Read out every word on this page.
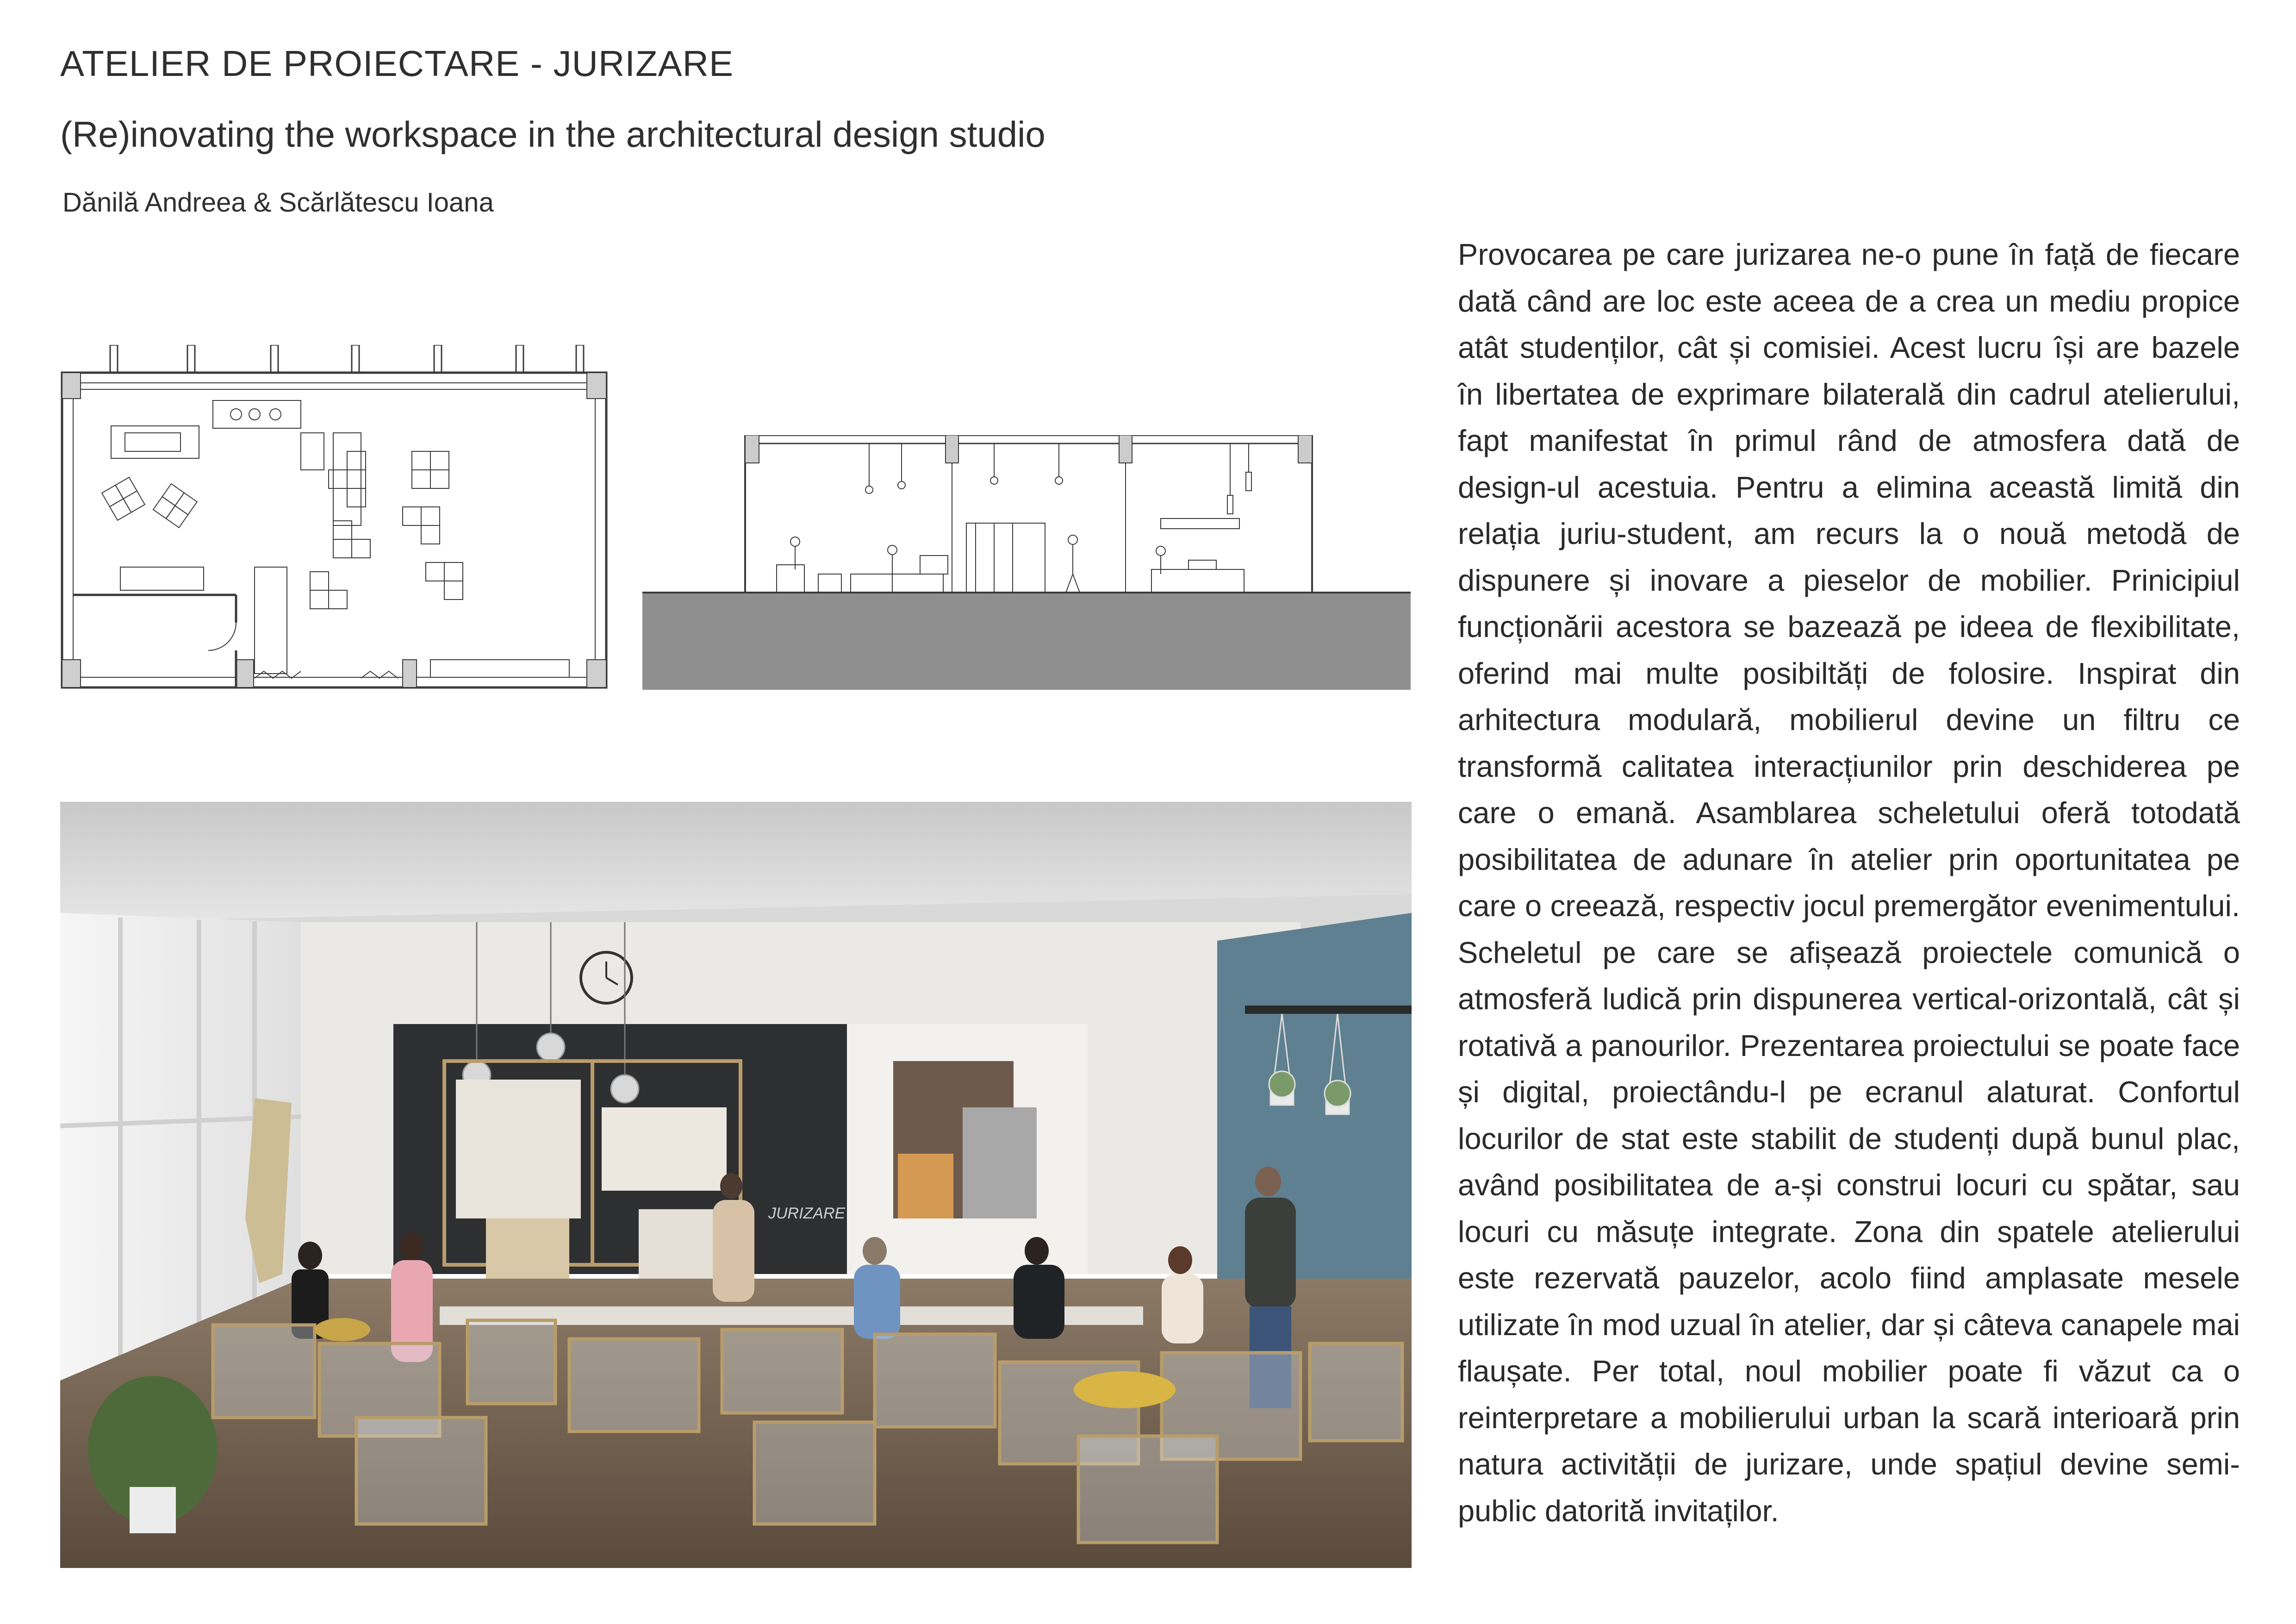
ATELIER DE PROIECTARE - JURIZARE
(Re)inovating the workspace in the architectural design studio
Dănilă Andreea & Scărlătescu Ioana
JURIZARE

Provocarea pe care jurizarea ne-o pune în față de fiecare dată când are loc este aceea de a crea un mediu propice atât studenților, cât și comisiei. Acest lucru își are bazele în libertatea de exprimare bilaterală din cadrul atelierului, fapt manifestat în primul rând de atmosfera dată de design-ul acestuia. Pentru a elimina această limită din relația juriu-student, am recurs la o nouă metodă de dispunere și inovare a pieselor de mobilier. Prinicipiul funcționării acestora se bazează pe ideea de flexibilitate, oferind mai multe posibiltăți de folosire. Inspirat din arhitectura modulară, mobilierul devine un filtru ce transformă calitatea interacțiunilor prin deschiderea pe care o emană. Asamblarea scheletului oferă totodată posibilitatea de adunare în atelier prin oportunitatea pe care o creează, respectiv jocul premergător evenimentului. Scheletul pe care se afișează proiectele comunică o atmosferă ludică prin dispunerea vertical-orizontală, cât și rotativă a panourilor. Prezentarea proiectului se poate face și digital, proiectându-l pe ecranul alaturat. Confortul locurilor de stat este stabilit de studenți după bunul plac, având posibilitatea de a-și construi locuri cu spătar, sau locuri cu măsuțe integrate. Zona din spatele atelierului este rezervată pauzelor, acolo fiind amplasate mesele utilizate în mod uzual în atelier, dar și câteva canapele mai flaușate. Per total, noul mobilier poate fi văzut ca o reinterpretare a mobilierului urban la scară interioară prin natura activității de jurizare, unde spațiul devine semi-public datorită invitaților.
